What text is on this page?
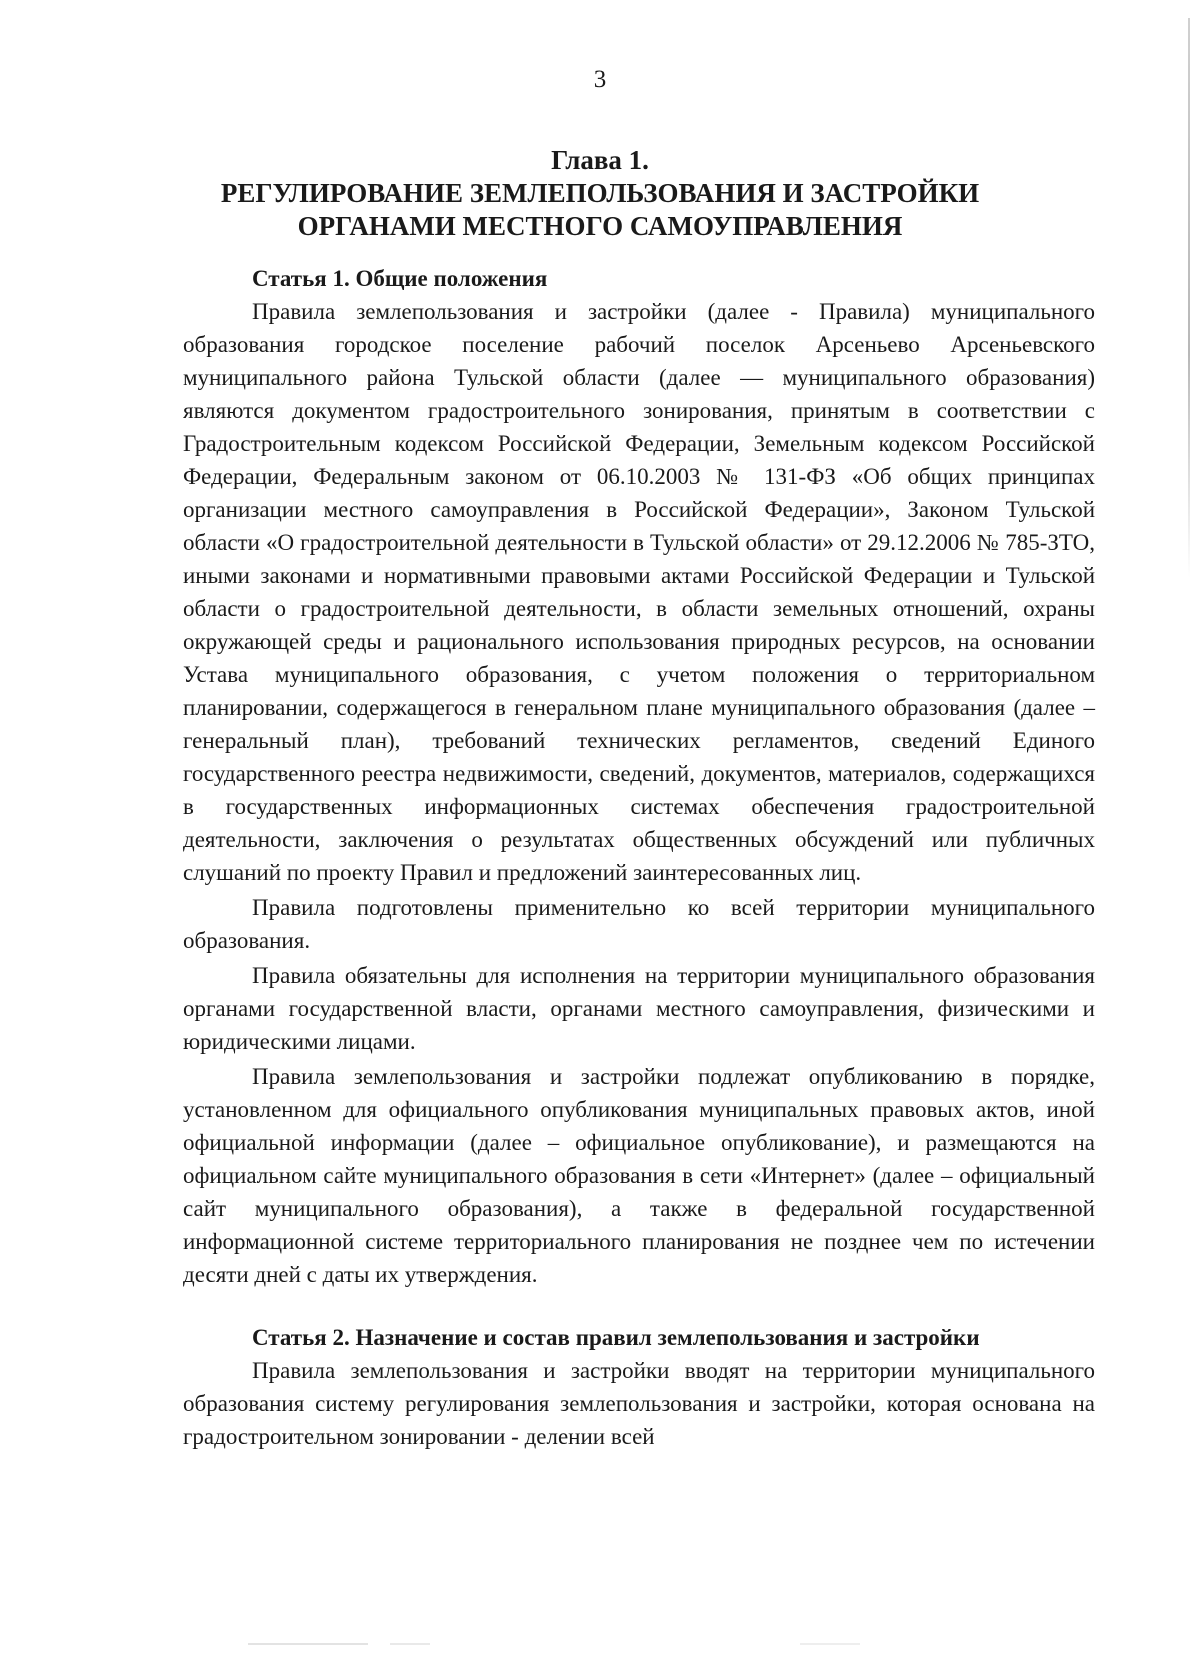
3
Глава 1.
РЕГУЛИРОВАНИЕ ЗЕМЛЕПОЛЬЗОВАНИЯ И ЗАСТРОЙКИ
ОРГАНАМИ МЕСТНОГО САМОУПРАВЛЕНИЯ
Статья 1. Общие положения

Правила землепользования и застройки (далее - Правила) муниципального образования городское поселение рабочий поселок Арсеньево Арсеньевского муниципального района Тульской области (далее — муниципального образования) являются документом градостроительного зонирования, принятым в соответствии с Градостроительным кодексом Российской Федерации, Земельным кодексом Российской Федерации, Федеральным законом от 06.10.2003 № 131-ФЗ «Об общих принципах организации местного самоуправления в Российской Федерации», Законом Тульской области «О градостроительной деятельности в Тульской области» от 29.12.2006 № 785-ЗТО, иными законами и нормативными правовыми актами Российской Федерации и Тульской области о градостроительной деятельности, в области земельных отношений, охраны окружающей среды и рационального использования природных ресурсов, на основании Устава муниципального образования, с учетом положения о территориальном планировании, содержащегося в генеральном плане муниципального образования (далее – генеральный план), требований технических регламентов, сведений Единого государственного реестра недвижимости, сведений, документов, материалов, содержащихся в государственных информационных системах обеспечения градостроительной деятельности, заключения о результатах общественных обсуждений или публичных слушаний по проекту Правил и предложений заинтересованных лиц.

Правила подготовлены применительно ко всей территории муниципального образования.

Правила обязательны для исполнения на территории муниципального образования органами государственной власти, органами местного самоуправления, физическими и юридическими лицами.

Правила землепользования и застройки подлежат опубликованию в порядке, установленном для официального опубликования муниципальных правовых актов, иной официальной информации (далее – официальное опубликование), и размещаются на официальном сайте муниципального образования в сети «Интернет» (далее – официальный сайт муниципального образования), а также в федеральной государственной информационной системе территориального планирования не позднее чем по истечении десяти дней с даты их утверждения.

Статья 2. Назначение и состав правил землепользования и застройки

Правила землепользования и застройки вводят на территории муниципального образования систему регулирования землепользования и застройки, которая основана на градостроительном зонировании - делении всей
